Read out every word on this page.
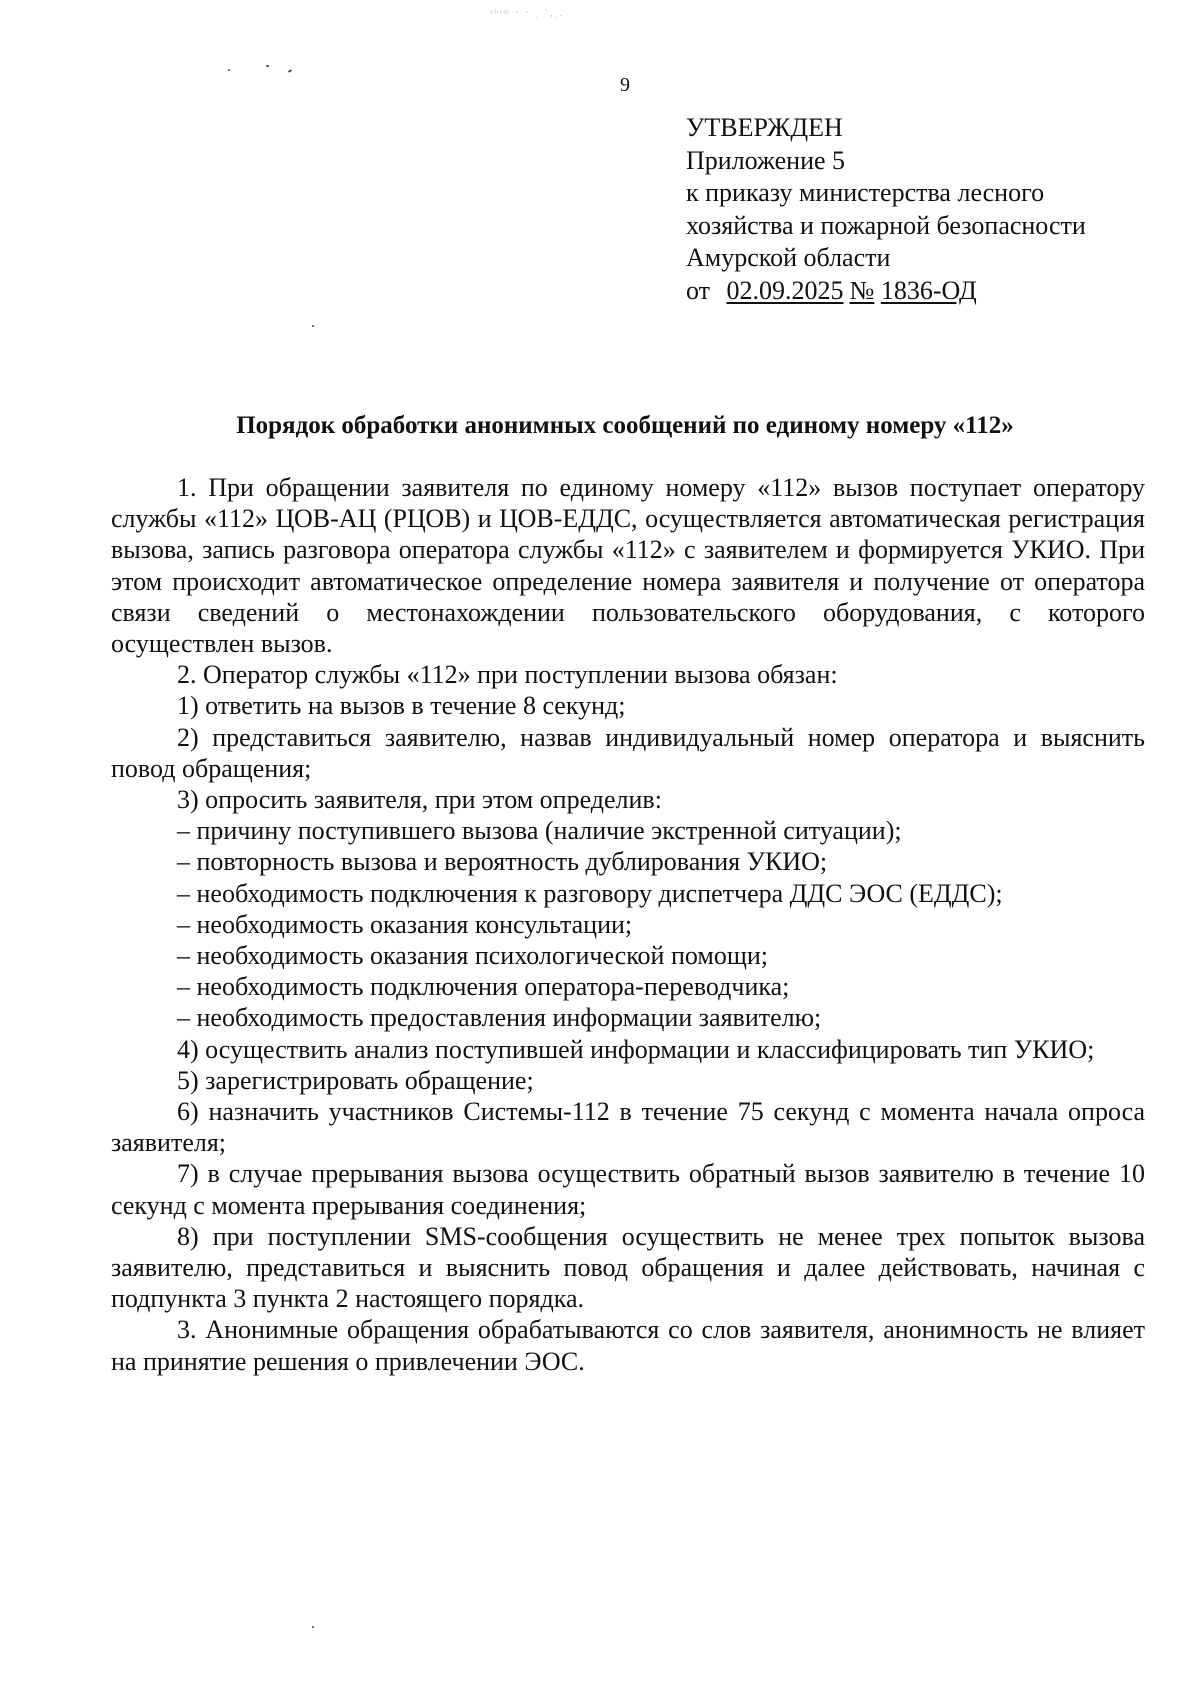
ᵒᵇᵗᵐ · · ˌ ˈ,ˌ.
9
УТВЕРЖДЕН
Приложение 5
к приказу министерства лесного
хозяйства и пожарной безопасности
Амурской области
от 02.09.2025 № 1836-ОД
Порядок обработки анонимных сообщений по единому номеру «112»

1. При обращении заявителя по единому номеру «112» вызов поступает оператору службы «112» ЦОВ-АЦ (РЦОВ) и ЦОВ-ЕДДС, осуществляется автоматическая регистрация вызова, запись разговора оператора службы «112» с заявителем и формируется УКИО. При этом происходит автоматическое определение номера заявителя и получение от оператора связи сведений о местонахождении пользовательского оборудования, с которого осуществлен вызов.

2. Оператор службы «112» при поступлении вызова обязан:

1) ответить на вызов в течение 8 секунд;

2) представиться заявителю, назвав индивидуальный номер оператора и выяснить повод обращения;

3) опросить заявителя, при этом определив:

– причину поступившего вызова (наличие экстренной ситуации);

– повторность вызова и вероятность дублирования УКИО;

– необходимость подключения к разговору диспетчера ДДС ЭОС (ЕДДС);

– необходимость оказания консультации;

– необходимость оказания психологической помощи;

– необходимость подключения оператора-переводчика;

– необходимость предоставления информации заявителю;

4) осуществить анализ поступившей информации и классифицировать тип УКИО;

5) зарегистрировать обращение;

6) назначить участников Системы-112 в течение 75 секунд с момента начала опроса заявителя;

7) в случае прерывания вызова осуществить обратный вызов заявителю в течение 10 секунд с момента прерывания соединения;

8) при поступлении SMS-сообщения осуществить не менее трех попыток вызова заявителю, представиться и выяснить повод обращения и далее действовать, начиная с подпункта 3 пункта 2 настоящего порядка.

3. Анонимные обращения обрабатываются со слов заявителя, анонимность не влияет на принятие решения о привлечении ЭОС.
